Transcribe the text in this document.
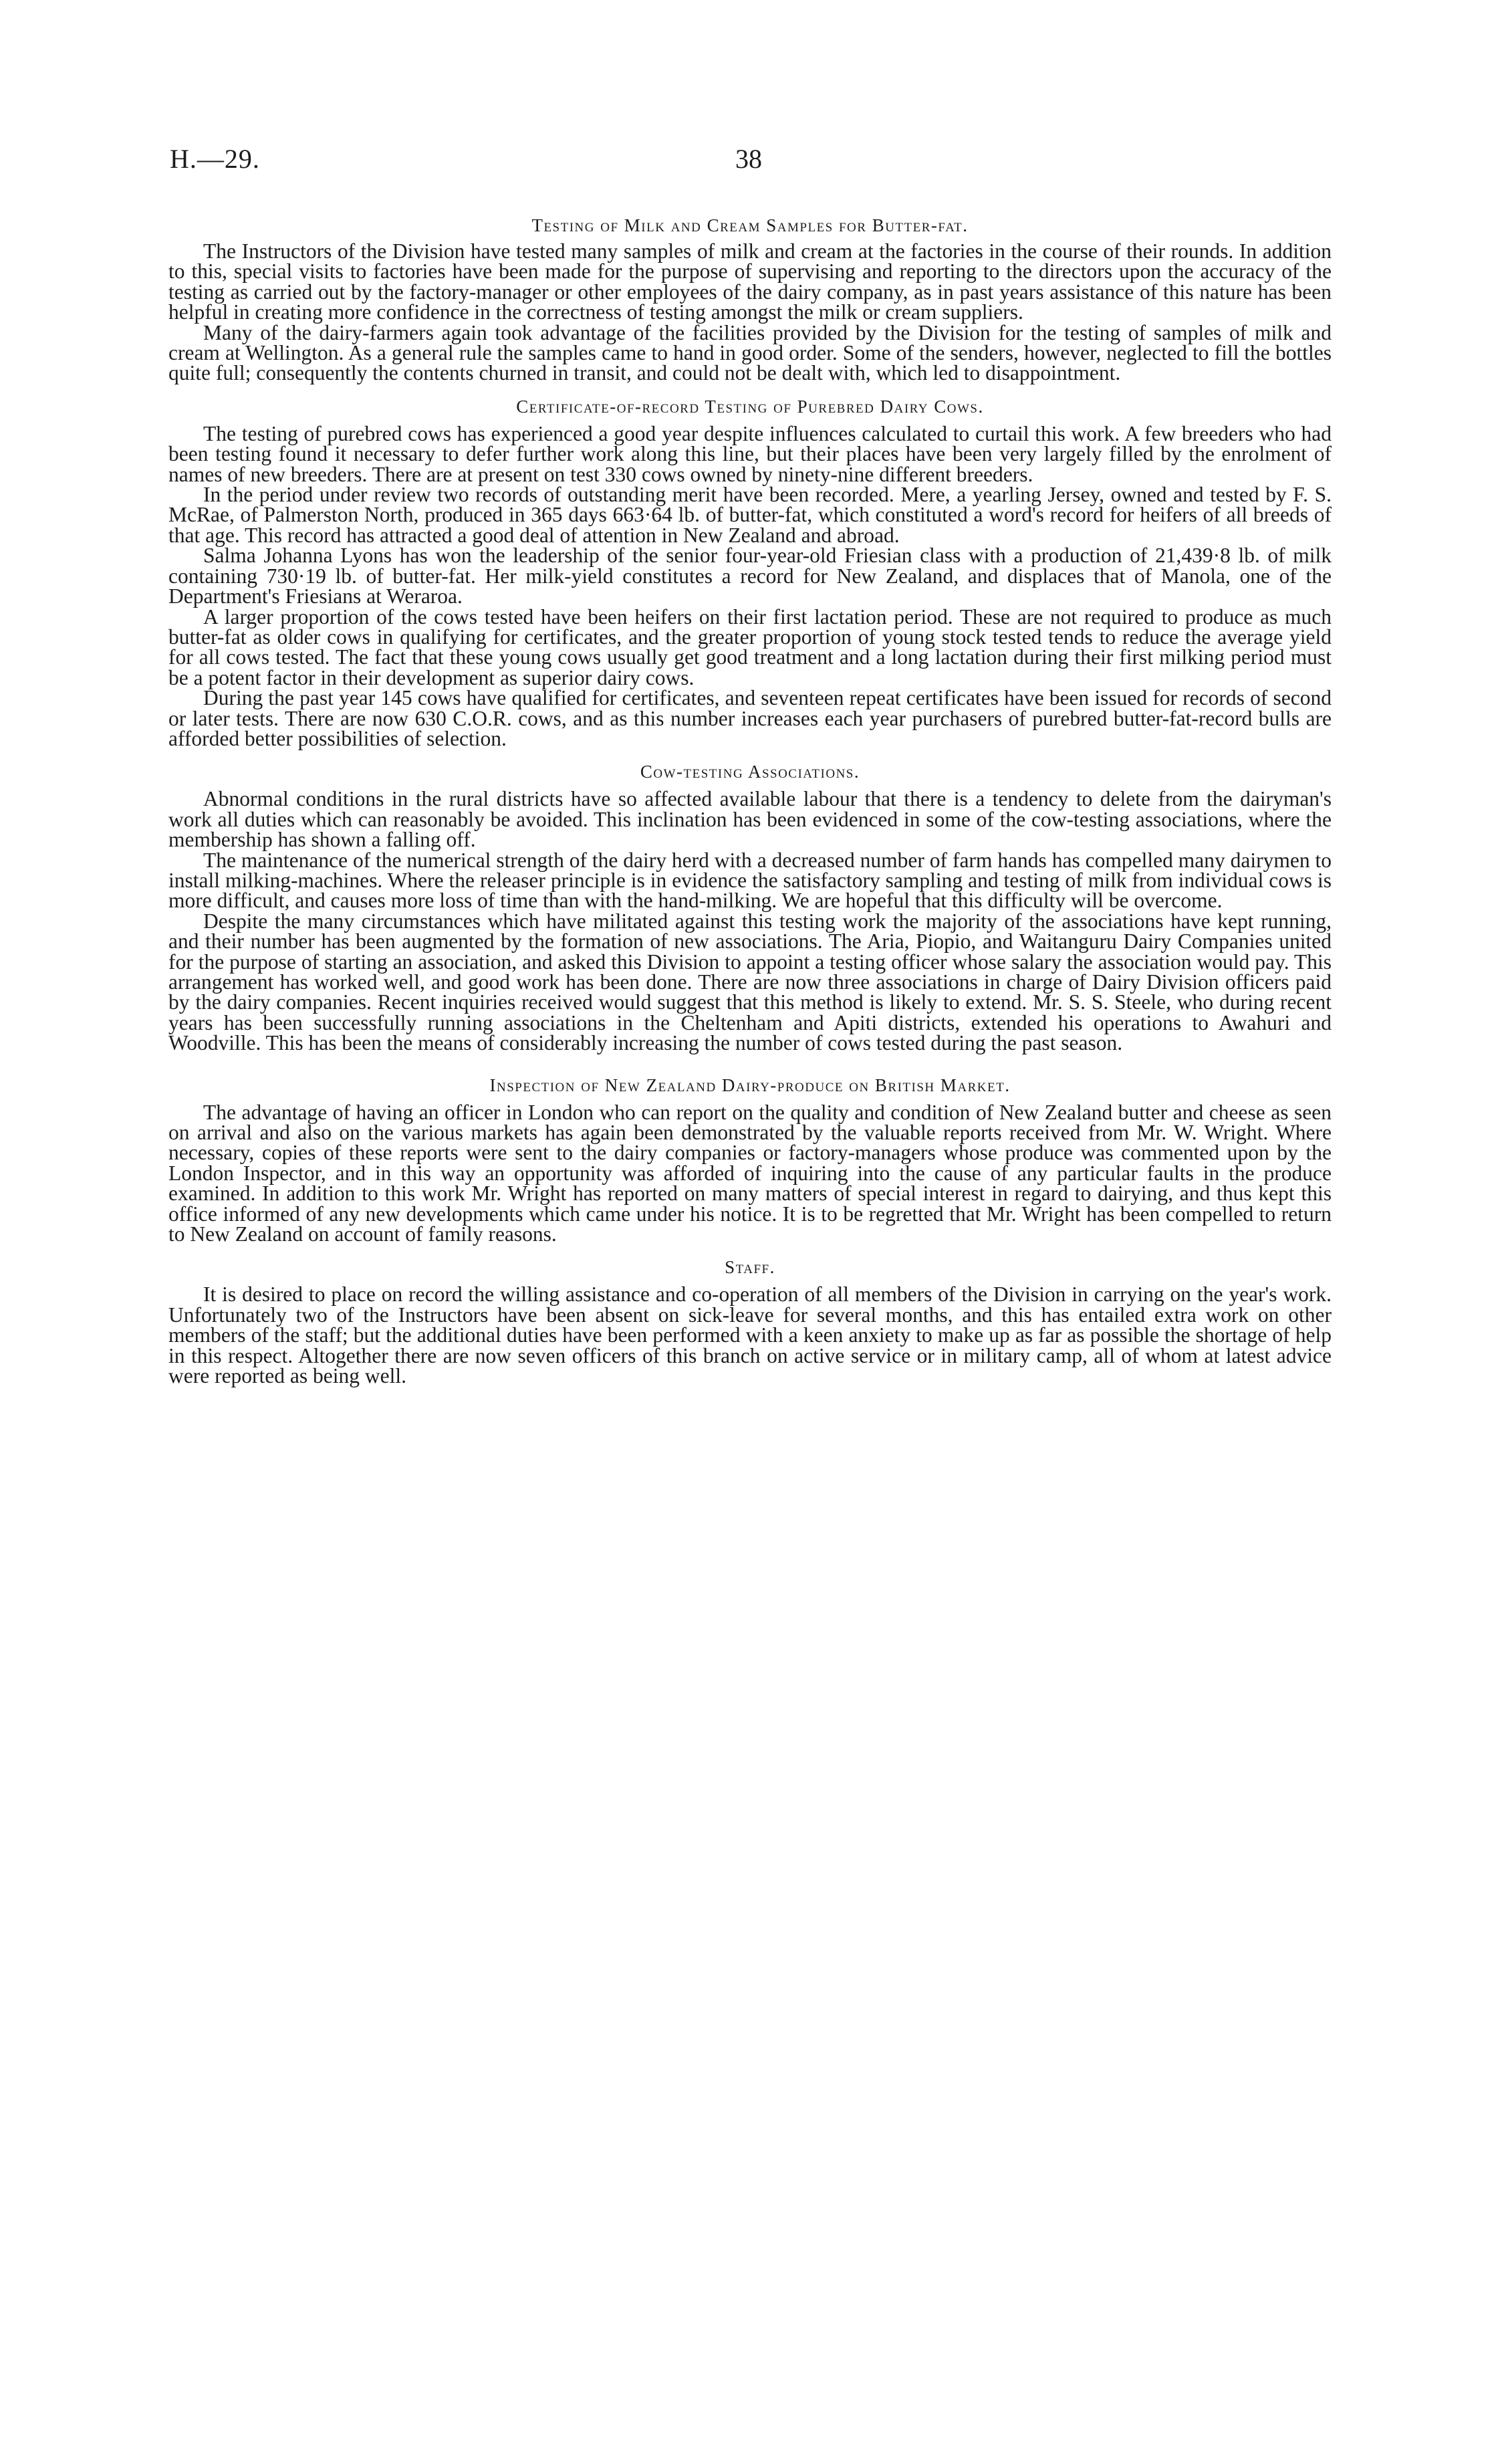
H.—29.	38
Testing of Milk and Cream Samples for Butter-fat.

The Instructors of the Division have tested many samples of milk and cream at the factories in the course of their rounds. In addition to this, special visits to factories have been made for the purpose of supervising and reporting to the directors upon the accuracy of the testing as carried out by the factory-manager or other employees of the dairy company, as in past years assistance of this nature has been helpful in creating more confidence in the correctness of testing amongst the milk or cream suppliers.

Many of the dairy-farmers again took advantage of the facilities provided by the Division for the testing of samples of milk and cream at Wellington. As a general rule the samples came to hand in good order. Some of the senders, however, neglected to fill the bottles quite full; consequently the contents churned in transit, and could not be dealt with, which led to disappointment.

Certificate-of-record Testing of Purebred Dairy Cows.

The testing of purebred cows has experienced a good year despite influences calculated to curtail this work. A few breeders who had been testing found it necessary to defer further work along this line, but their places have been very largely filled by the enrolment of names of new breeders. There are at present on test 330 cows owned by ninety-nine different breeders.

In the period under review two records of outstanding merit have been recorded. Mere, a yearling Jersey, owned and tested by F. S. McRae, of Palmerston North, produced in 365 days 663·64 lb. of butter-fat, which constituted a word's record for heifers of all breeds of that age. This record has attracted a good deal of attention in New Zealand and abroad.

Salma Johanna Lyons has won the leadership of the senior four-year-old Friesian class with a production of 21,439·8 lb. of milk containing 730·19 lb. of butter-fat. Her milk-yield constitutes a record for New Zealand, and displaces that of Manola, one of the Department's Friesians at Weraroa.

A larger proportion of the cows tested have been heifers on their first lactation period. These are not required to produce as much butter-fat as older cows in qualifying for certificates, and the greater proportion of young stock tested tends to reduce the average yield for all cows tested. The fact that these young cows usually get good treatment and a long lactation during their first milking period must be a potent factor in their development as superior dairy cows.

During the past year 145 cows have qualified for certificates, and seventeen repeat certificates have been issued for records of second or later tests. There are now 630 C.O.R. cows, and as this number increases each year purchasers of purebred butter-fat-record bulls are afforded better possibilities of selection.

Cow-testing Associations.

Abnormal conditions in the rural districts have so affected available labour that there is a tendency to delete from the dairyman's work all duties which can reasonably be avoided. This inclination has been evidenced in some of the cow-testing associations, where the membership has shown a falling off.

The maintenance of the numerical strength of the dairy herd with a decreased number of farm hands has compelled many dairymen to install milking-machines. Where the releaser principle is in evidence the satisfactory sampling and testing of milk from individual cows is more difficult, and causes more loss of time than with the hand-milking. We are hopeful that this difficulty will be overcome.

Despite the many circumstances which have militated against this testing work the majority of the associations have kept running, and their number has been augmented by the formation of new associations. The Aria, Piopio, and Waitanguru Dairy Companies united for the purpose of starting an association, and asked this Division to appoint a testing officer whose salary the association would pay. This arrangement has worked well, and good work has been done. There are now three associations in charge of Dairy Division officers paid by the dairy companies. Recent inquiries received would suggest that this method is likely to extend. Mr. S. S. Steele, who during recent years has been successfully running associations in the Cheltenham and Apiti districts, extended his operations to Awahuri and Woodville. This has been the means of considerably increasing the number of cows tested during the past season.

Inspection of New Zealand Dairy-produce on British Market.

The advantage of having an officer in London who can report on the quality and condition of New Zealand butter and cheese as seen on arrival and also on the various markets has again been demonstrated by the valuable reports received from Mr. W. Wright. Where necessary, copies of these reports were sent to the dairy companies or factory-managers whose produce was commented upon by the London Inspector, and in this way an opportunity was afforded of inquiring into the cause of any particular faults in the produce examined. In addition to this work Mr. Wright has reported on many matters of special interest in regard to dairying, and thus kept this office informed of any new developments which came under his notice. It is to be regretted that Mr. Wright has been compelled to return to New Zealand on account of family reasons.

Staff.

It is desired to place on record the willing assistance and co-operation of all members of the Division in carrying on the year's work. Unfortunately two of the Instructors have been absent on sick-leave for several months, and this has entailed extra work on other members of the staff; but the additional duties have been performed with a keen anxiety to make up as far as possible the shortage of help in this respect. Altogether there are now seven officers of this branch on active service or in military camp, all of whom at latest advice were reported as being well.
